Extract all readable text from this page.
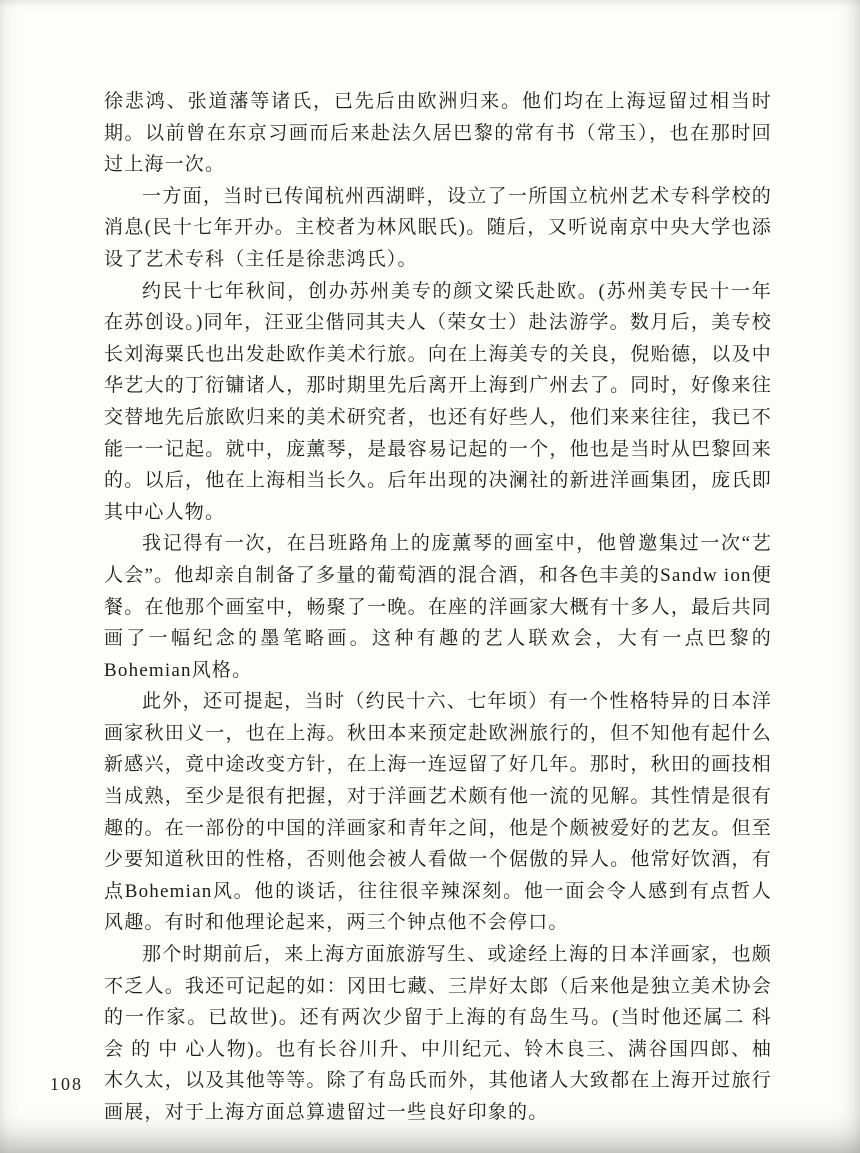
徐悲鸿、张道藩等诸氏，已先后由欧洲归来。他们均在上海逗留过相当时期。以前曾在东京习画而后来赴法久居巴黎的常有书（常玉），也在那时回过上海一次。

一方面，当时已传闻杭州西湖畔，设立了一所国立杭州艺术专科学校的消息(民十七年开办。主校者为林风眠氏)。随后，又听说南京中央大学也添设了艺术专科（主任是徐悲鸿氏）。

约民十七年秋间，创办苏州美专的颜文梁氏赴欧。(苏州美专民十一年在苏创设。)同年，汪亚尘偕同其夫人（荣女士）赴法游学。数月后，美专校长刘海粟氏也出发赴欧作美术行旅。向在上海美专的关良，倪贻德，以及中华艺大的丁衍镛诸人，那时期里先后离开上海到广州去了。同时，好像来往交替地先后旅欧归来的美术研究者，也还有好些人，他们来来往往，我已不能一一记起。就中，庞薰琴，是最容易记起的一个，他也是当时从巴黎回来的。以后，他在上海相当长久。后年出现的决澜社的新进洋画集团，庞氏即其中心人物。

我记得有一次，在吕班路角上的庞薰琴的画室中，他曾邀集过一次“艺人会”。他却亲自制备了多量的葡萄酒的混合酒，和各色丰美的Sandw ion便餐。在他那个画室中，畅聚了一晚。在座的洋画家大概有十多人，最后共同画了一幅纪念的墨笔略画。这种有趣的艺人联欢会，大有一点巴黎的Bohemian风格。

此外，还可提起，当时（约民十六、七年顷）有一个性格特异的日本洋画家秋田义一，也在上海。秋田本来预定赴欧洲旅行的，但不知他有起什么新感兴，竟中途改变方针，在上海一连逗留了好几年。那时，秋田的画技相当成熟，至少是很有把握，对于洋画艺术颇有他一流的见解。其性情是很有趣的。在一部份的中国的洋画家和青年之间，他是个颇被爱好的艺友。但至少要知道秋田的性格，否则他会被人看做一个倨傲的异人。他常好饮酒，有点Bohemian风。他的谈话，往往很辛辣深刻。他一面会令人感到有点哲人风趣。有时和他理论起来，两三个钟点他不会停口。

那个时期前后，来上海方面旅游写生、或途经上海的日本洋画家，也颇不乏人。我还可记起的如：冈田七藏、三岸好太郎（后来他是独立美术协会的一作家。已故世)。还有两次少留于上海的有岛生马。(当时他还属二 科 会 的 中 心人物)。也有长谷川升、中川纪元、铃木良三、满谷国四郎、柚木久太，以及其他等等。除了有岛氏而外，其他诸人大致都在上海开过旅行画展，对于上海方面总算遗留过一些良好印象的。

108
